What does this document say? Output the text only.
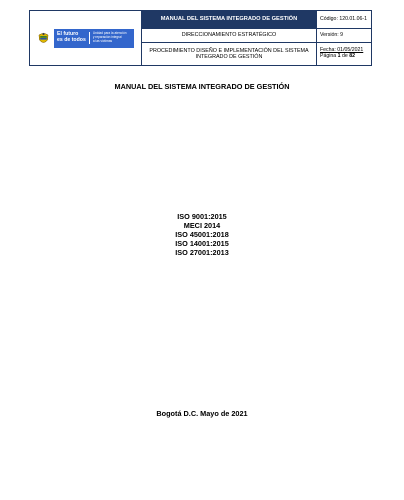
El futuro
es de todos
Unidad para la atención
y reparación integral
a las víctimas	MANUAL DEL SISTEMA INTEGRADO DE GESTIÓN	Código: 120.01.06-1
	DIRECCIONAMIENTO ESTRATÉGICO	Versión: 9
	PROCEDIMIENTO DISEÑO E IMPLEMENTACIÓN DEL SISTEMA INTEGRADO DE GESTIÓN	Fecha: 01/05/2021
Página 1 de 82
MANUAL DEL SISTEMA INTEGRADO DE GESTIÓN
ISO 9001:2015
MECI 2014
ISO 45001:2018
ISO 14001:2015
ISO 27001:2013
Bogotá D.C. Mayo de 2021
